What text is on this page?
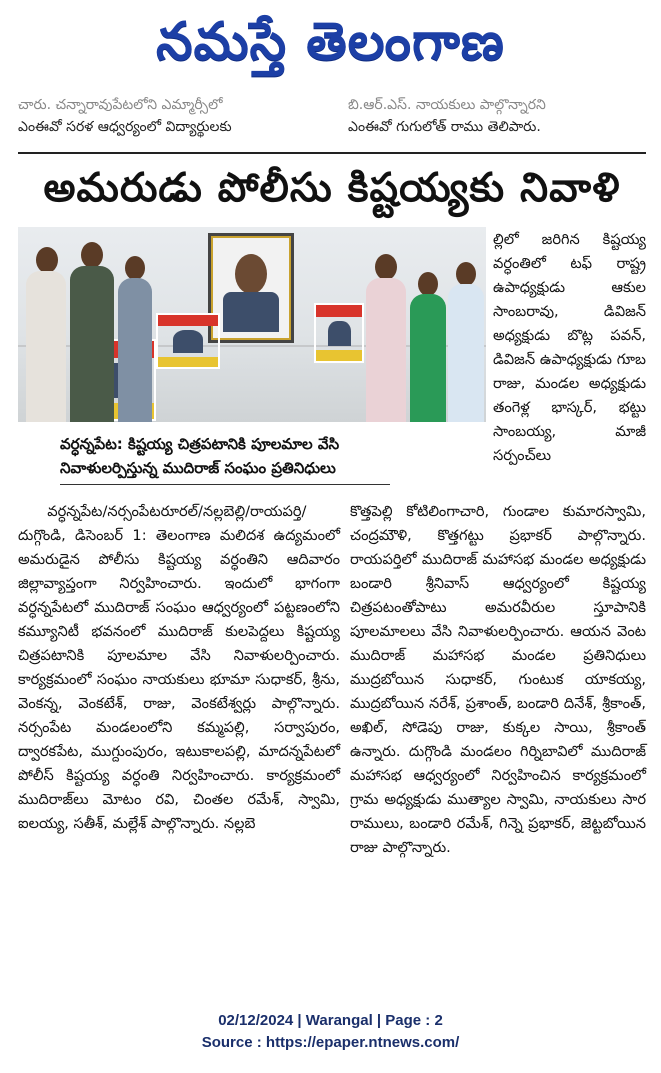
నమస్తే తెలంగాణ
చారు. చన్నారావుపేటలోని ఎమ్మార్సీలో
ఎంఈవో సరళ ఆధ్వర్యంలో విద్యార్థులకు
బి.ఆర్.ఎస్. నాయకులు పాల్గొన్నారని
ఎంఈవో గుగులోత్ రాము తెలిపారు.
అమరుడు పోలీసు కిష్టయ్యకు నివాళి

ల్లిలో జరిగిన కిష్టయ్య వర్ధంతిలో టఫ్ రాష్ట్ర ఉపాధ్యక్షుడు ఆకుల సాంబరావు, డివిజన్ అధ్యక్షుడు బొట్ల పవన్, డివిజన్ ఉపాధ్యక్షుడు గూబ రాజు, మండల అధ్యక్షుడు తంగెళ్ల భాస్కర్, భట్టు సాంబయ్య, మాజీ సర్పంచ్‌లు

వర్ధన్నపేట: కిష్టయ్య చిత్రపటానికి పూలమాల వేసి
నివాళులర్పిస్తున్న ముదిరాజ్ సంఘం ప్రతినిధులు

వర్ధన్నపేట/నర్సంపేటరూరల్/నల్లబెల్లి/రాయపర్తి/దుగ్గొండి, డిసెంబర్ 1: తెలంగాణ మలిదశ ఉద్యమంలో అమరుడైన పోలీసు కిష్టయ్య వర్ధంతిని ఆదివారం జిల్లావ్యాప్తంగా నిర్వహించారు. ఇందులో భాగంగా వర్ధన్నపేటలో ముదిరాజ్ సంఘం ఆధ్వర్యంలో పట్టణంలోని కమ్యూనిటీ భవనంలో ముదిరాజ్ కులపెద్దలు కిష్టయ్య చిత్రపటానికి పూలమాల వేసి నివాళులర్పించారు. కార్యక్రమంలో సంఘం నాయకులు భూమా సుధాకర్, శ్రీను, వెంకన్న, వెంకటేశ్, రాజు, వెంకటేశ్వర్లు పాల్గొన్నారు. నర్సంపేట మండలంలోని కమ్మపల్లి, సర్వాపురం, ద్వారకపేట, ముగ్దుంపురం, ఇటుకాలపల్లి, మాదన్నపేటలో పోలీస్ కిష్టయ్య వర్ధంతి నిర్వహించారు. కార్యక్రమంలో ముదిరాజ్‌లు మోటం రవి, చింతల రమేశ్, స్వామి, ఐలయ్య, సతీశ్, మల్లేశ్ పాల్గొన్నారు. నల్లబె

కొత్తపెల్లి కోటిలింగాచారి, గుండాల కుమారస్వామి, చంద్రమౌళి, కొత్తగట్టు ప్రభాకర్ పాల్గొన్నారు. రాయపర్తిలో ముదిరాజ్ మహాసభ మండల అధ్యక్షుడు బండారి శ్రీనివాస్ ఆధ్వర్యంలో కిష్టయ్య చిత్రపటంతోపాటు అమరవీరుల స్తూపానికి పూలమాలలు వేసి నివాళులర్పించారు. ఆయన వెంట ముదిరాజ్ మహాసభ మండల ప్రతినిధులు ముద్రబోయిన సుధాకర్, గుంటుక యాకయ్య, ముద్రబోయిన నరేశ్, ప్రశాంత్, బండారి దినేశ్, శ్రీకాంత్, అఖిల్, సోడెపు రాజు, కుక్కల సాయి, శ్రీకాంత్ ఉన్నారు. దుగ్గొండి మండలం గిర్నిబావిలో ముదిరాజ్ మహాసభ ఆధ్వర్యంలో నిర్వహించిన కార్యక్రమంలో గ్రామ అధ్యక్షుడు ముత్యాల స్వామి, నాయకులు సార రాములు, బండారి రమేశ్, గిన్నె ప్రభాకర్, జెట్టబోయిన రాజు పాల్గొన్నారు.

02/12/2024 | Warangal | Page : 2
Source : https://epaper.ntnews.com/
